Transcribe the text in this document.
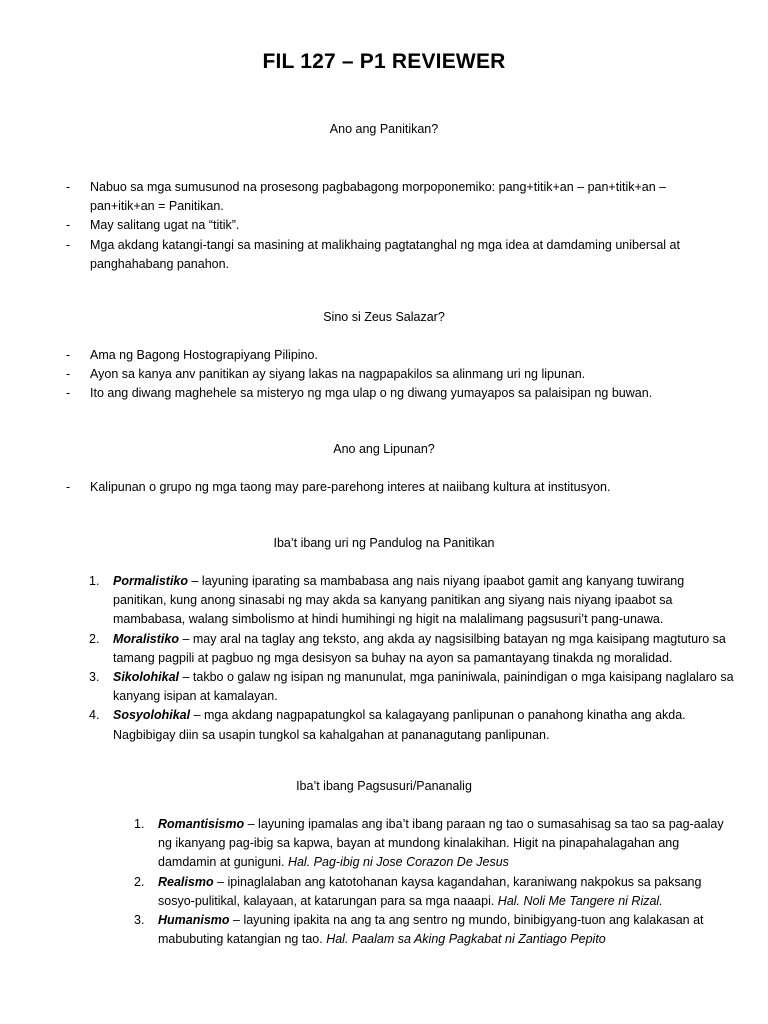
FIL 127 – P1 REVIEWER
Ano ang Panitikan?
- Nabuo sa mga sumusunod na prosesong pagbabagong morpoponemiko: pang+titik+an – pan+titik+an – pan+itik+an = Panitikan.
- May salitang ugat na “titik”.
- Mga akdang katangi-tangi sa masining at malikhaing pagtatanghal ng mga idea at damdaming unibersal at panghahabang panahon.
Sino si Zeus Salazar?
- Ama ng Bagong Hostograpiyang Pilipino.
- Ayon sa kanya anv panitikan ay siyang lakas na nagpapakilos sa alinmang uri ng lipunan.
- Ito ang diwang maghehele sa misteryo ng mga ulap o ng diwang yumayapos sa palaisipan ng buwan.
Ano ang Lipunan?
- Kalipunan o grupo ng mga taong may pare-parehong interes at naiibang kultura at institusyon.
Iba’t ibang uri ng Pandulog na Panitikan
1. Pormalistiko – layuning iparating sa mambabasa ang nais niyang ipaabot gamit ang kanyang tuwirang panitikan, kung anong sinasabi ng may akda sa kanyang panitikan ang siyang nais niyang ipaabot sa mambabasa, walang simbolismo at hindi humihingi ng higit na malalimang pagsusuri’t pang-unawa.
2. Moralistiko – may aral na taglay ang teksto, ang akda ay nagsisilbing batayan ng mga kaisipang magtuturo sa tamang pagpili at pagbuo ng mga desisyon sa buhay na ayon sa pamantayang tinakda ng moralidad.
3. Sikolohikal – takbo o galaw ng isipan ng manunulat, mga paniniwala, painindigan o mga kaisipang naglalaro sa kanyang isipan at kamalayan.
4. Sosyolohikal – mga akdang nagpapatungkol sa kalagayang panlipunan o panahong kinatha ang akda. Nagbibigay diin sa usapin tungkol sa kahalgahan at pananagutang panlipunan.
Iba’t ibang Pagsusuri/Pananalig
1. Romantisismo – layuning ipamalas ang iba’t ibang paraan ng tao o sumasahisag sa tao sa pag-aalay ng ikanyang pag-ibig sa kapwa, bayan at mundong kinalakihan. Higit na pinapahalagahan ang damdamin at guniguni. Hal. Pag-ibig ni Jose Corazon De Jesus
2. Realismo – ipinaglalaban ang katotohanan kaysa kagandahan, karaniwang nakpokus sa paksang sosyo-pulitikal, kalayaan, at katarungan para sa mga naaapi. Hal. Noli Me Tangere ni Rizal.
3. Humanismo – layuning ipakita na ang ta ang sentro ng mundo, binibigyang-tuon ang kalakasan at mabubuting katangian ng tao. Hal. Paalam sa Aking Pagkabat ni Zantiago Pepito
